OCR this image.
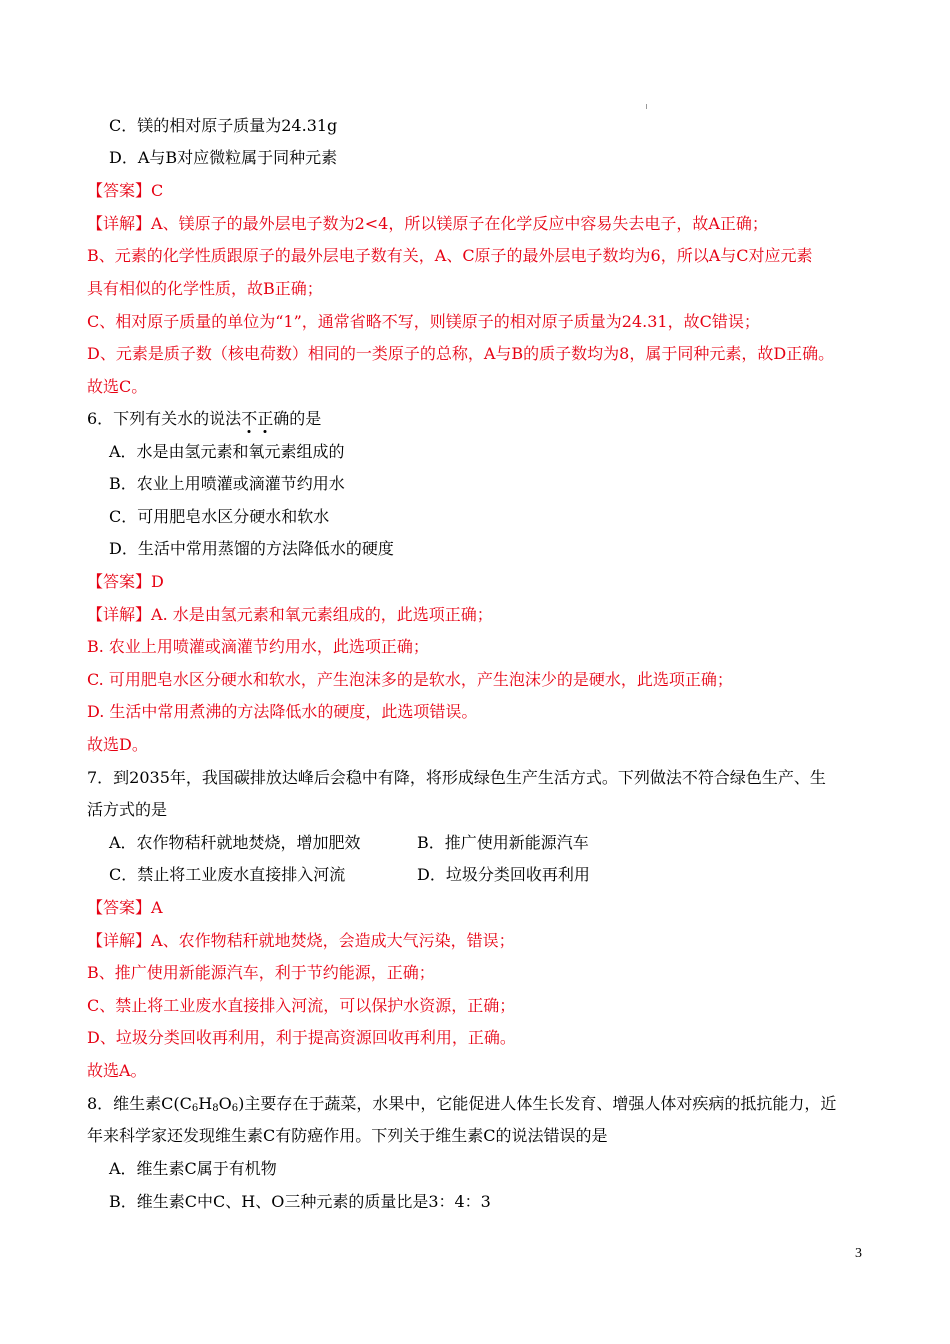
C．镁的相对原子质量为24.31g
D．A与B对应微粒属于同种元素
【答案】C
【详解】A、镁原子的最外层电子数为2<4，所以镁原子在化学反应中容易失去电子，故A正确；
B、元素的化学性质跟原子的最外层电子数有关，A、C原子的最外层电子数均为6，所以A与C对应元素
具有相似的化学性质，故B正确；
C、相对原子质量的单位为“1”，通常省略不写，则镁原子的相对原子质量为24.31，故C错误；
D、元素是质子数（核电荷数）相同的一类原子的总称，A与B的质子数均为8，属于同种元素，故D正确。
故选C。
6．下列有关水的说法不正确的是
A．水是由氢元素和氧元素组成的
B．农业上用喷灌或滴灌节约用水
C．可用肥皂水区分硬水和软水
D．生活中常用蒸馏的方法降低水的硬度
【答案】D
【详解】A. 水是由氢元素和氧元素组成的，此选项正确；
B. 农业上用喷灌或滴灌节约用水，此选项正确；
C. 可用肥皂水区分硬水和软水，产生泡沫多的是软水，产生泡沫少的是硬水，此选项正确；
D. 生活中常用煮沸的方法降低水的硬度，此选项错误。
故选D。
7．到2035年，我国碳排放达峰后会稳中有降，将形成绿色生产生活方式。下列做法不符合绿色生产、生
活方式的是
A．农作物秸秆就地焚烧，增加肥效	B．推广使用新能源汽车
C．禁止将工业废水直接排入河流	D．垃圾分类回收再利用
【答案】A
【详解】A、农作物秸秆就地焚烧，会造成大气污染，错误；
B、推广使用新能源汽车，利于节约能源，正确；
C、禁止将工业废水直接排入河流，可以保护水资源，正确；
D、垃圾分类回收再利用，利于提高资源回收再利用，正确。
故选A。
8．维生素$C(C_6H_8O_6)$主要存在于蔬菜，水果中，它能促进人体生长发育、增强人体对疾病的抵抗能力，近
年来科学家还发现维生素C有防癌作用。下列关于维生素C的说法错误的是
A．维生素C属于有机物
B．维生素C中C、H、O三种元素的质量比是3：4：3
3
